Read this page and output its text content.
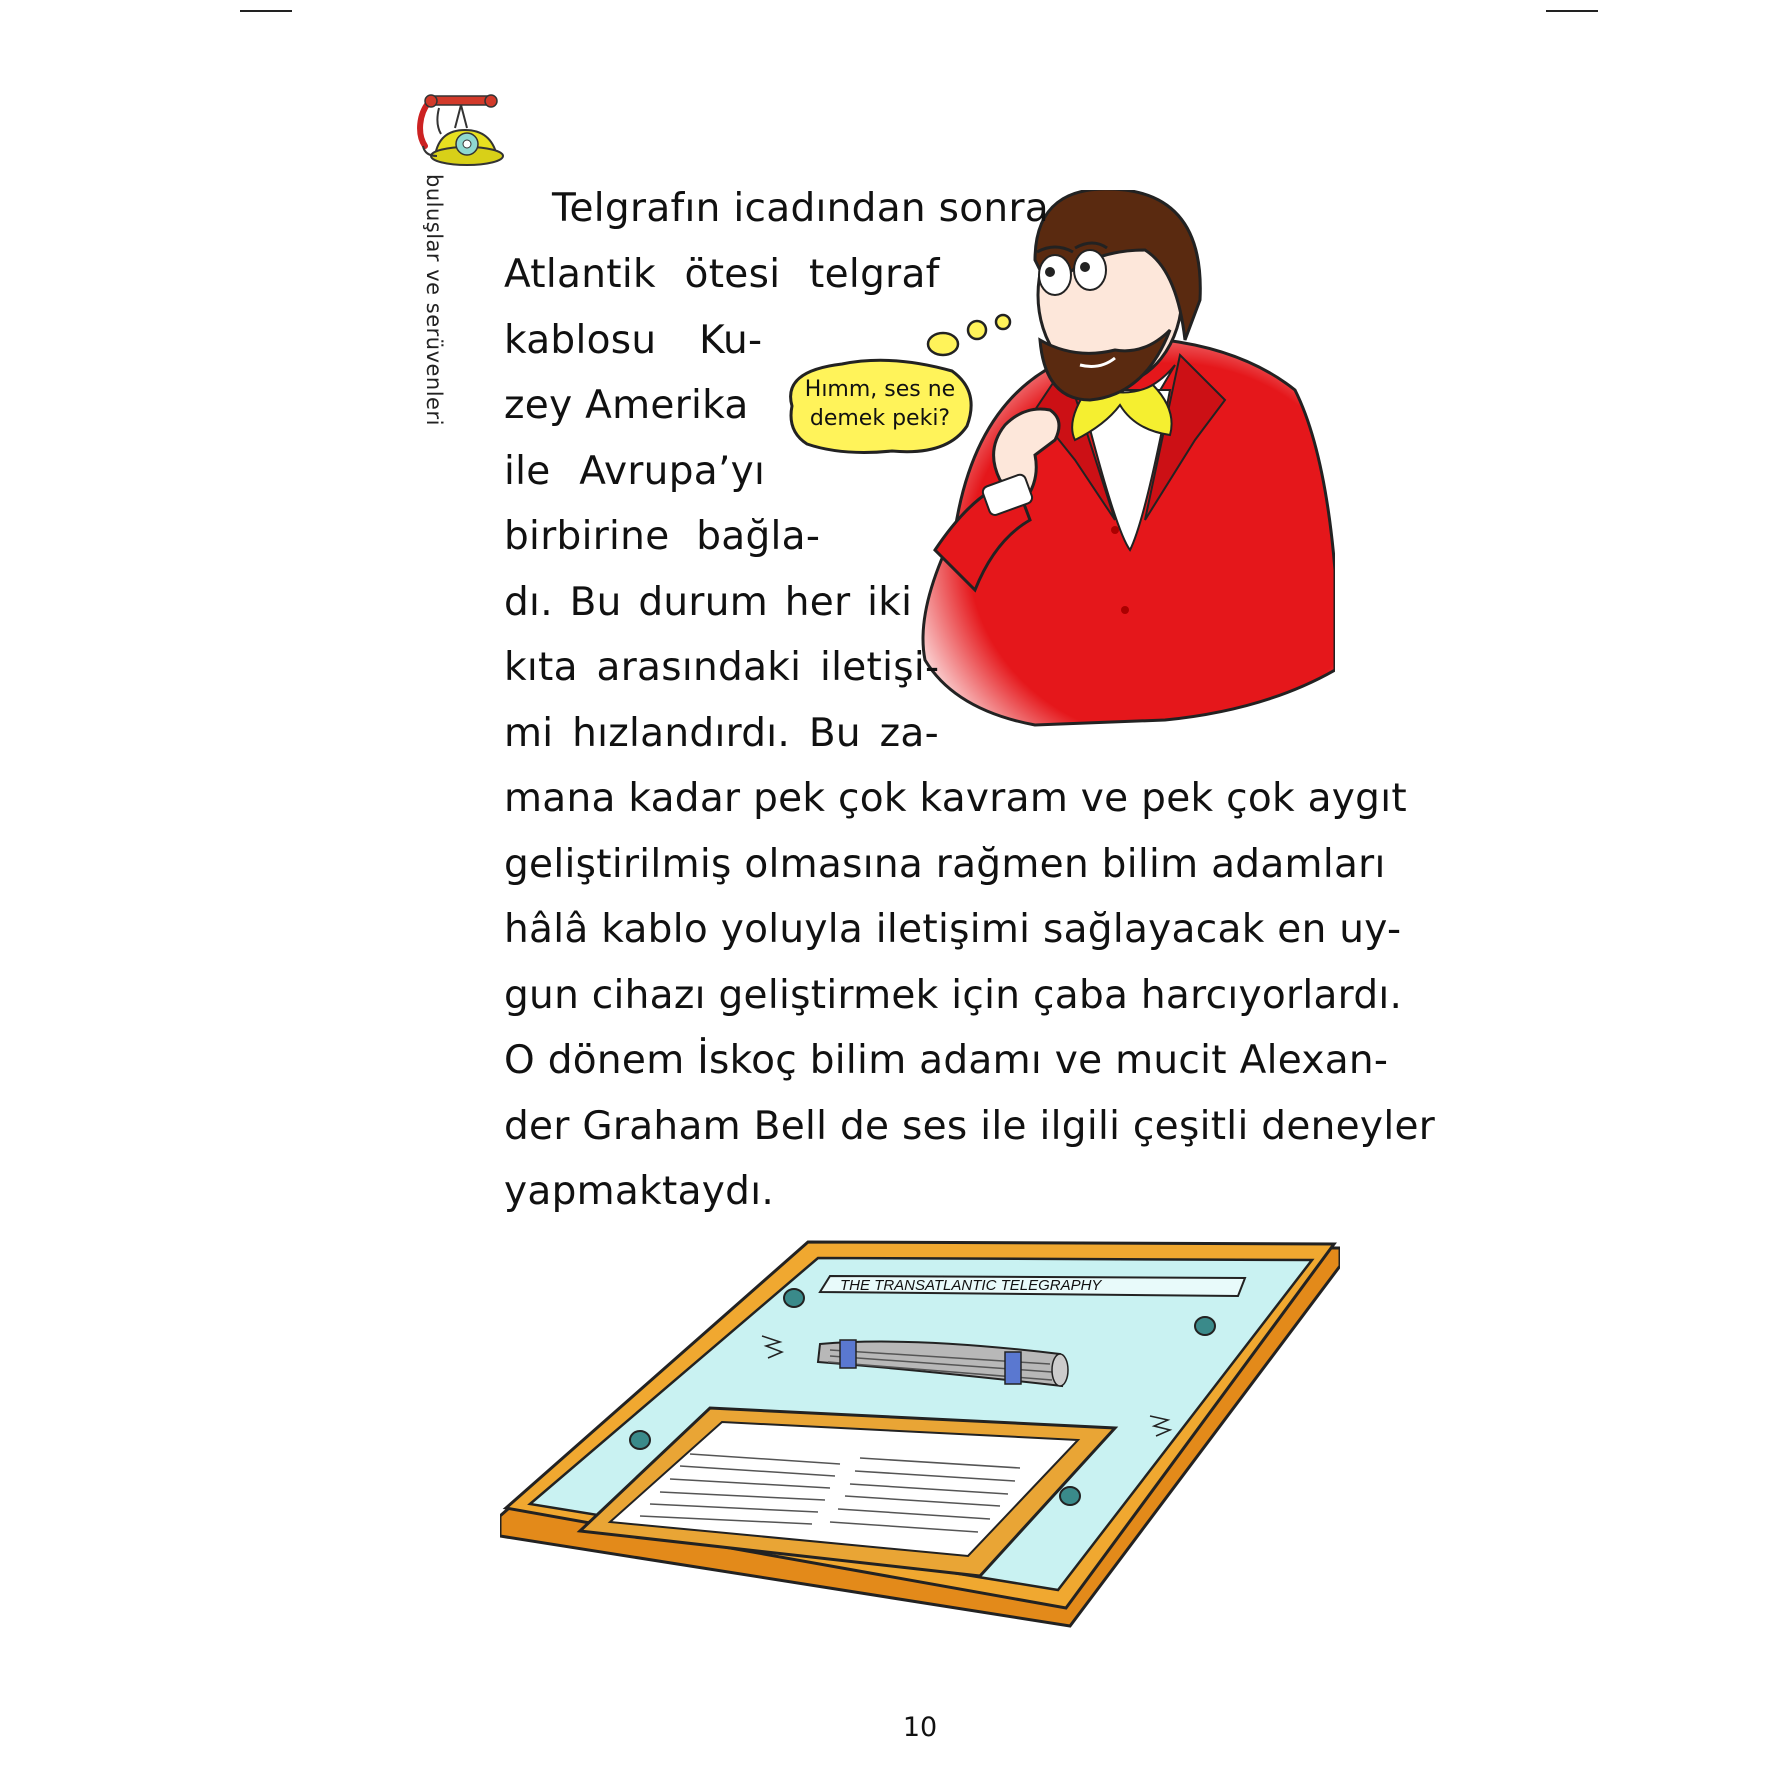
buluşlar ve serüvenleri	Hımm, ses ne
demek peki?
Telgrafın icadından sonra
Atlantik ötesi telgraf
kablosu Ku-
zey Amerika
ile Avrupa’yı
birbirine bağla-
dı. Bu durum her iki
kıta arasındaki iletişi-
mi hızlandırdı. Bu za-
mana kadar pek çok kavram ve pek çok aygıt
geliştirilmiş olmasına rağmen bilim adamları
hâlâ kablo yoluyla iletişimi sağlayacak en uy-
gun cihazı geliştirmek için çaba harcıyorlardı.
O dönem İskoç bilim adamı ve mucit Alexan-
der Graham Bell de ses ile ilgili çeşitli deneyler
yapmaktaydı.
THE TRANSATLANTIC TELEGRAPHY
10
